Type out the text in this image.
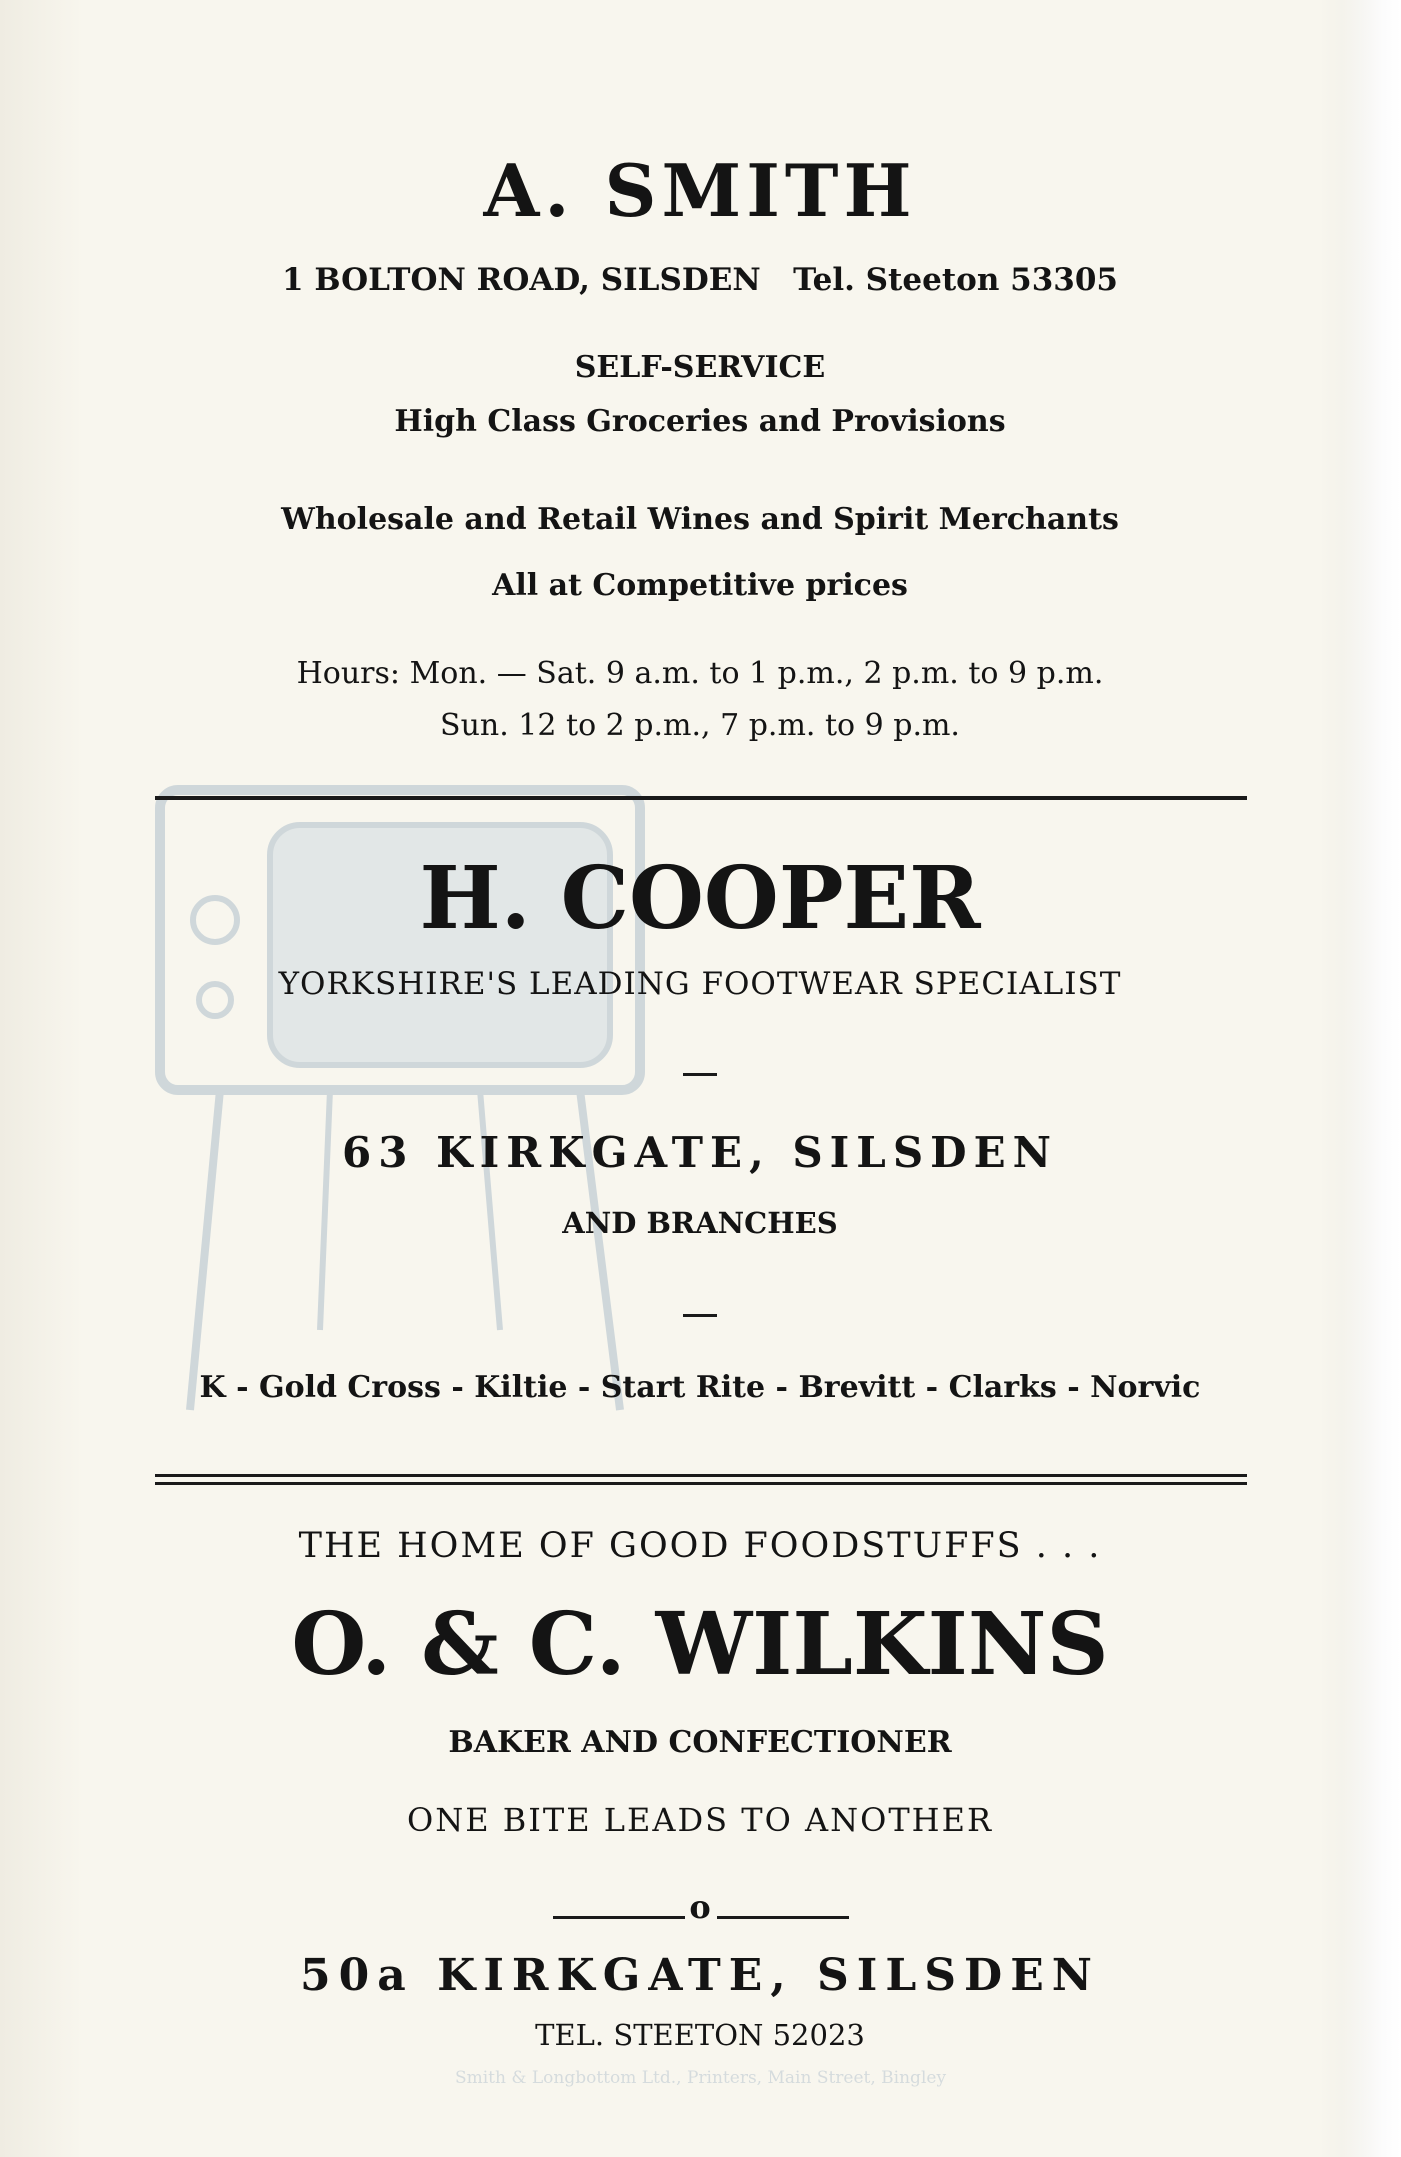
A. SMITH
1 BOLTON ROAD, SILSDEN Tel. Steeton 53305
SELF-SERVICE
High Class Groceries and Provisions
Wholesale and Retail Wines and Spirit Merchants
All at Competitive prices
Hours: Mon. — Sat. 9 a.m. to 1 p.m., 2 p.m. to 9 p.m.
Sun. 12 to 2 p.m., 7 p.m. to 9 p.m.
H. COOPER
YORKSHIRE'S LEADING FOOTWEAR SPECIALIST
63 KIRKGATE, SILSDEN
AND BRANCHES
K - Gold Cross - Kiltie - Start Rite - Brevitt - Clarks - Norvic
THE HOME OF GOOD FOODSTUFFS . . .
O. & C. WILKINS
BAKER AND CONFECTIONER
ONE BITE LEADS TO ANOTHER
o
50a KIRKGATE, SILSDEN
TEL. STEETON 52023
Smith & Longbottom Ltd., Printers, Main Street, Bingley
